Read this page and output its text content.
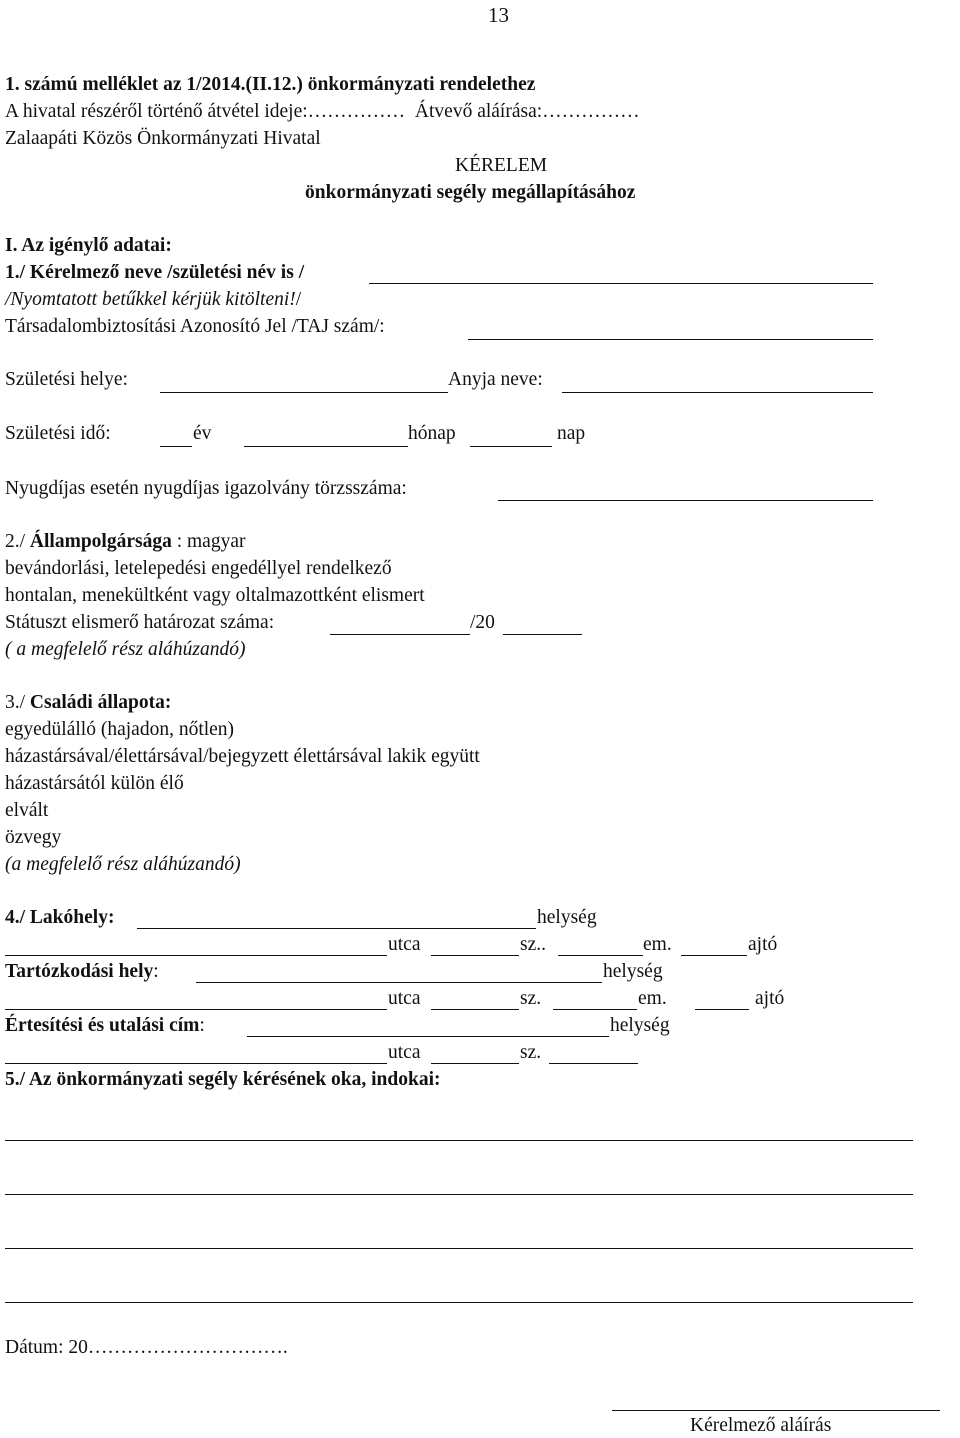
13
1. számú melléklet az 1/2014.(II.12.) önkormányzati rendelethez
A hivatal részéről történő átvétel ideje:…………… Átvevő aláírása:……………
Zalaapáti Közös Önkormányzati Hivatal
KÉRELEM
önkormányzati segély megállapításához
I. Az igénylő adatai:
1./ Kérelmező neve /születési név is /
/Nyomtatott betűkkel kérjük kitölteni!/
Társadalombiztosítási Azonosító Jel /TAJ szám/:
Születési helye:	Anyja neve:
Születési idő:	év	hónap	nap
Nyugdíjas esetén nyugdíjas igazolvány törzsszáma:
2./ Állampolgársága : magyar
bevándorlási, letelepedési engedéllyel rendelkező
hontalan, menekültként vagy oltalmazottként elismert
Státuszt elismerő határozat száma:	/20
( a megfelelő rész aláhúzandó)
3./ Családi állapota:
egyedülálló (hajadon, nőtlen)
házastársával/élettársával/bejegyzett élettársával lakik együtt
házastársától külön élő
elvált
özvegy
(a megfelelő rész aláhúzandó)
4./ Lakóhely:	helység
utca	sz..	em.	ajtó
Tartózkodási hely:	helység
utca	sz.	em.	ajtó
Értesítési és utalási cím:	helység
utca	sz.
5./ Az önkormányzati segély kérésének oka, indokai:
Dátum: 20………………………….
Kérelmező aláírás
